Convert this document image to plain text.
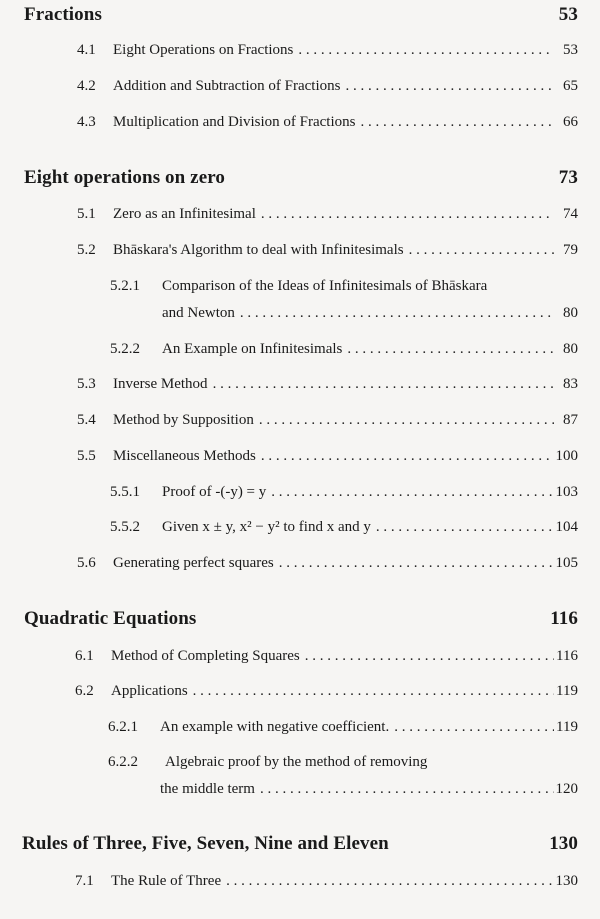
Fractions	53
4.1 Eight Operations on Fractions . . .	53
4.2 Addition and Subtraction of Fractions . . .	65
4.3 Multiplication and Division of Fractions . . .	66
Eight operations on zero	73
5.1 Zero as an Infinitesimal . . .	74
5.2 Bhāskara's Algorithm to deal with Infinitesimals . . .	79
5.2.1 Comparison of the Ideas of Infinitesimals of Bhāskara
and Newton . . .	80
5.2.2 An Example on Infinitesimals . . .	80
5.3 Inverse Method . . .	83
5.4 Method by Supposition . . .	87
5.5 Miscellaneous Methods . . .	100
5.5.1 Proof of -(-y) = y . . .	103
5.5.2 Given x ± y, x² − y² to find x and y . . .	104
5.6 Generating perfect squares . . .	105
Quadratic Equations	116
6.1 Method of Completing Squares . . .	116
6.2 Applications . . .	119
6.2.1 An example with negative coefficient. . . .	119
6.2.2 Algebraic proof by the method of removing
the middle term . . .	120
Rules of Three, Five, Seven, Nine and Eleven	130
7.1 The Rule of Three . . .	130
